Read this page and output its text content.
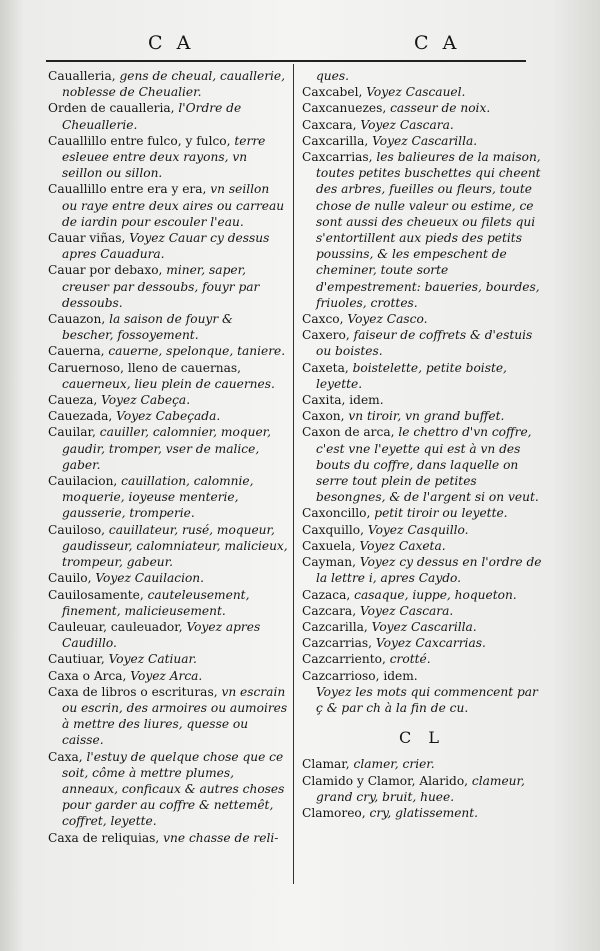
C A	C A
Caualleria, gens de cheual, cauallerie, noblesse de Cheualier.
Orden de caualleria, l'Ordre de Cheuallerie.
Cauallillo entre fulco, y fulco, terre esleuee entre deux rayons, vn seillon ou sillon.
Cauallillo entre era y era, vn seillon ou raye entre deux aires ou carreau de iardin pour escouler l'eau.
Cauar viñas, Voyez Cauar cy dessus apres Cauadura.
Cauar por debaxo, miner, saper, creuser par dessoubs, fouyr par dessoubs.
Cauazon, la saison de fouyr & bescher, fossoyement.
Cauerna, cauerne, spelonque, taniere.
Caruernoso, lleno de cauernas, cauerneux, lieu plein de cauernes.
Caueza, Voyez Cabeça.
Cauezada, Voyez Cabeçada.
Cauilar, cauiller, calomnier, moquer, gaudir, tromper, vser de malice, gaber.
Cauilacion, cauillation, calomnie, moquerie, ioyeuse menterie, gausserie, tromperie.
Cauiloso, cauillateur, rusé, moqueur, gaudisseur, calomniateur, malicieux, trompeur, gabeur.
Cauilo, Voyez Cauilacion.
Cauilosamente, cauteleusement, finement, malicieusement.
Cauleuar, cauleuador, Voyez apres Caudillo.
Cautiuar, Voyez Catiuar.
Caxa o Arca, Voyez Arca.
Caxa de libros o escrituras, vn escrain ou escrin, des armoires ou aumoires à mettre des liures, quesse ou caisse.
Caxa, l'estuy de quelque chose que ce soit, côme à mettre plumes, anneaux, conficaux & autres choses pour garder au coffre & nettemêt, coffret, leyette.
Caxa de reliquias, vne chasse de reli-
ques.
Caxcabel, Voyez Cascauel.
Caxcanuezes, casseur de noix.
Caxcara, Voyez Cascara.
Caxcarilla, Voyez Cascarilla.
Caxcarrias, les balieures de la maison, toutes petites buschettes qui cheent des arbres, fueilles ou fleurs, toute chose de nulle valeur ou estime, ce sont aussi des cheueux ou filets qui s'entortillent aux pieds des petits poussins, & les empeschent de cheminer, toute sorte d'empestrement: baueries, bourdes, friuoles, crottes.
Caxco, Voyez Casco.
Caxero, faiseur de coffrets & d'estuis ou boistes.
Caxeta, boistelette, petite boiste, leyette.
Caxita, idem.
Caxon, vn tiroir, vn grand buffet.
Caxon de arca, le chettro d'vn coffre, c'est vne l'eyette qui est à vn des bouts du coffre, dans laquelle on serre tout plein de petites besongnes, & de l'argent si on veut.
Caxoncillo, petit tiroir ou leyette.
Caxquillo, Voyez Casquillo.
Caxuela, Voyez Caxeta.
Cayman, Voyez cy dessus en l'ordre de la lettre i, apres Caydo.
Cazaca, casaque, iuppe, hoqueton.
Cazcara, Voyez Cascara.
Cazcarilla, Voyez Cascarilla.
Cazcarrias, Voyez Caxcarrias.
Cazcarriento, crotté.
Cazcarrioso, idem.
Voyez les mots qui commencent par ç & par ch à la fin de cu.
C L
Clamar, clamer, crier.
Clamido y Clamor, Alarido, clameur, grand cry, bruit, huee.
Clamoreo, cry, glatissement.
